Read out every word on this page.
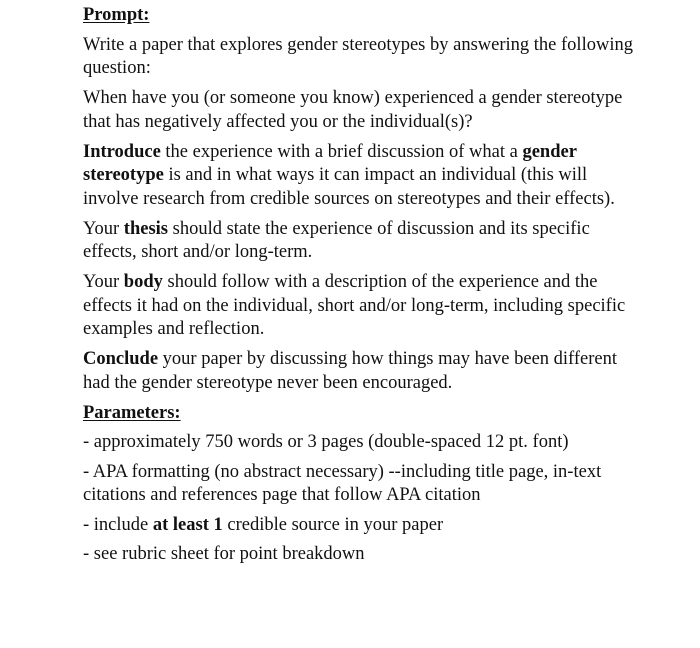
Prompt:
Write a paper that explores gender stereotypes by answering the following question:
When have you (or someone you know) experienced a gender stereotype that has negatively affected you or the individual(s)?
Introduce the experience with a brief discussion of what a gender stereotype is and in what ways it can impact an individual (this will involve research from credible sources on stereotypes and their effects).
Your thesis should state the experience of discussion and its specific effects, short and/or long-term.
Your body should follow with a description of the experience and the effects it had on the individual, short and/or long-term, including specific examples and reflection.
Conclude your paper by discussing how things may have been different had the gender stereotype never been encouraged.
Parameters:
- approximately 750 words or 3 pages (double-spaced 12 pt. font)
- APA formatting (no abstract necessary) --including title page, in-text citations and references page that follow APA citation
- include at least 1 credible source in your paper
- see rubric sheet for point breakdown
